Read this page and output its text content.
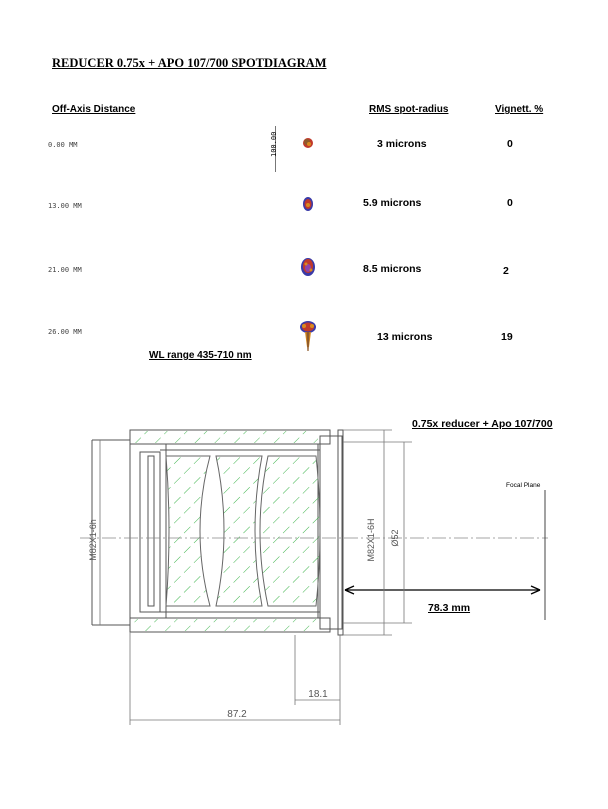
REDUCER 0.75x + APO 107/700 SPOTDIAGRAM
Off-Axis Distance	RMS spot-radius	Vignett. %
100.00
0.00 MM	3 microns	0
13.00 MM	5.9 microns	0
21.00 MM	8.5 microns	2
26.00 MM	13 microns	19
WL range 435-710 nm
M82X1-6h	M82X1-6H Ø52
18.1
87.2
0.75x reducer + Apo 107/700
Focal Plane
78.3 mm
